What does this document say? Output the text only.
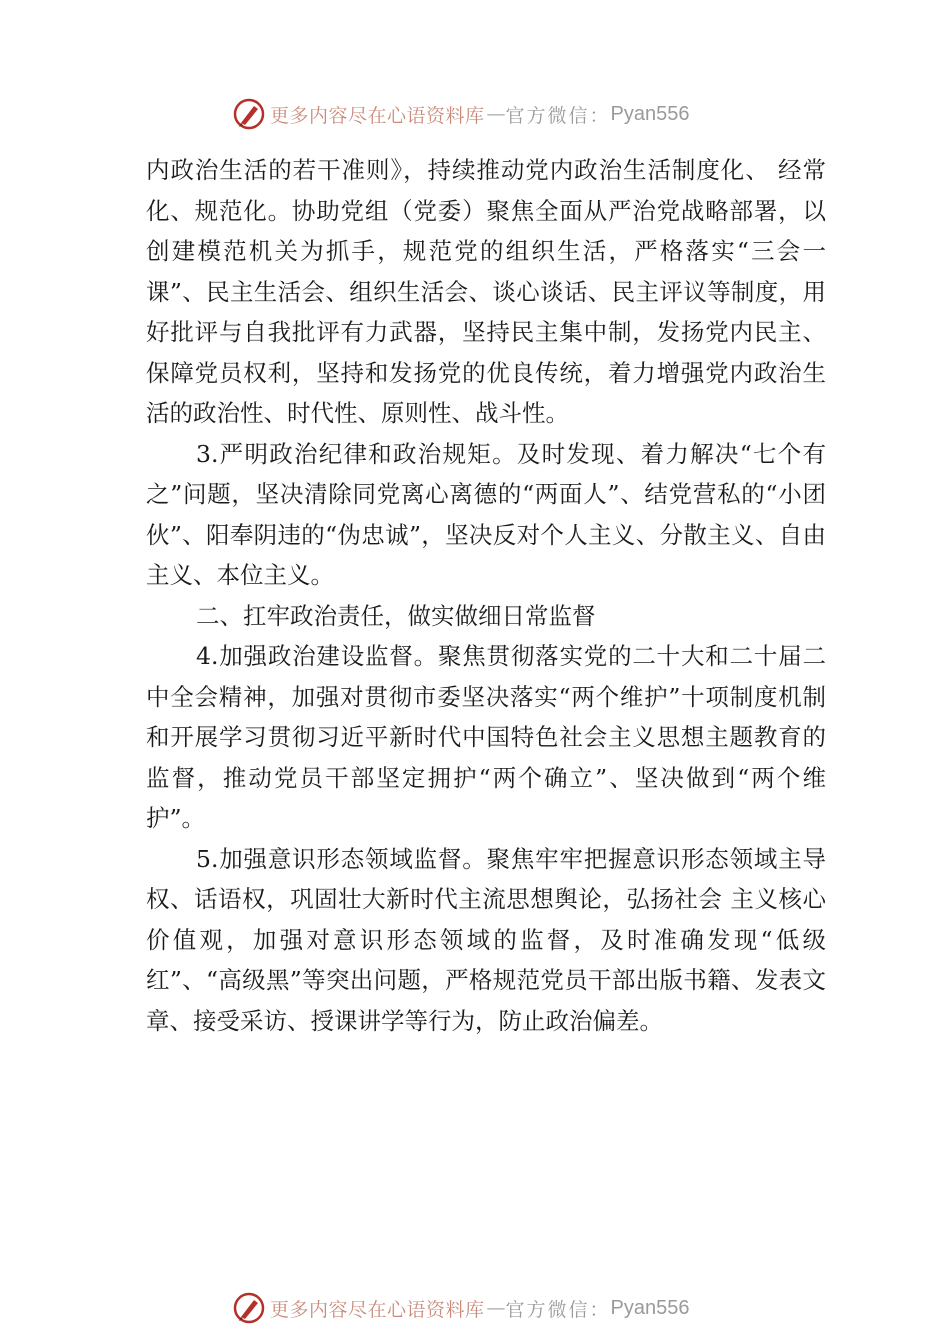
更多内容尽在心语资料库 — 官方微信： Pyan556

内政治生活的若干准则》，持续推动党内政治生活制度化、 经常化、规范化。协助党组（党委）聚焦全面从严治党战略部署，以创建模范机关为抓手，规范党的组织生活，严格落实“三会一课”、民主生活会、组织生活会、谈心谈话、民主评议等制度，用好批评与自我批评有力武器，坚持民主集中制，发扬党内民主、保障党员权利，坚持和发扬党的优良传统，着力增强党内政治生活的政治性、时代性、原则性、战斗性。

3.严明政治纪律和政治规矩。及时发现、着力解决“七个有之”问题，坚决清除同党离心离德的“两面人”、结党营私的“小团伙”、阳奉阴违的“伪忠诚”，坚决反对个人主义、分散主义、自由主义、本位主义。

二、扛牢政治责任，做实做细日常监督

4.加强政治建设监督。聚焦贯彻落实党的二十大和二十届二中全会精神，加强对贯彻市委坚决落实“两个维护”十项制度机制和开展学习贯彻习近平新时代中国特色社会主义思想主题教育的监督，推动党员干部坚定拥护“两个确立”、坚决做到“两个维护”。

5.加强意识形态领域监督。聚焦牢牢把握意识形态领域主导权、话语权，巩固壮大新时代主流思想舆论，弘扬社会 主义核心价值观，加强对意识形态领域的监督，及时准确发现“低级红”、“高级黑”等突出问题，严格规范党员干部出版书籍、发表文章、接受采访、授课讲学等行为，防止政治偏差。

更多内容尽在心语资料库 — 官方微信： Pyan556
